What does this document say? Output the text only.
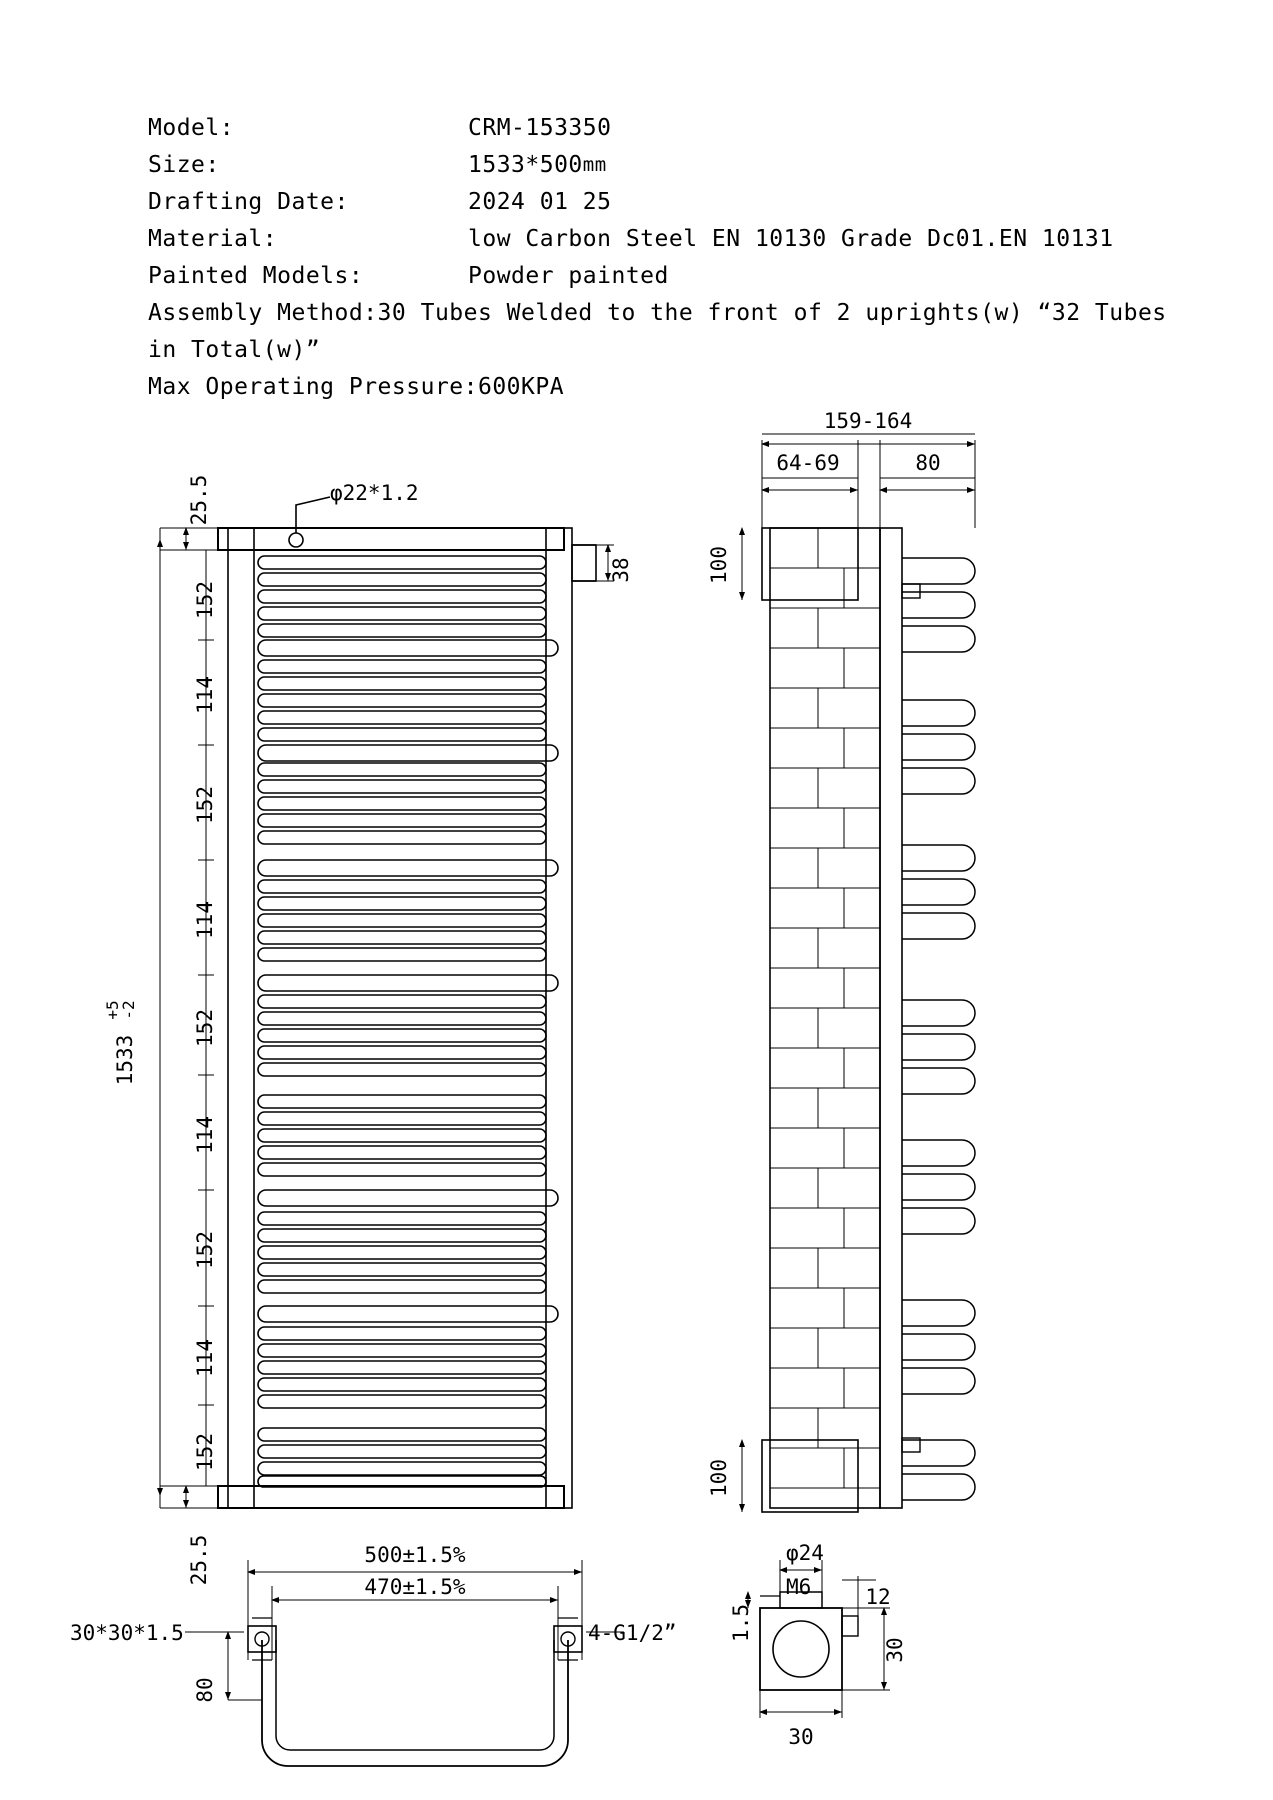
Model:	CRM-153350
Size:	1533*500 mm
Drafting Date:	2024 01 25
Material:	low Carbon Steel EN 10130 Grade Dc01.EN 10131
Painted Models:	Powder painted
Assembly Method:30 Tubes Welded to the front of 2 uprights(w) “32 Tubes in Total(w)”
Max Operating Pressure:600KPA
1533
+5
-2
25.5
25.5
φ22*1.2
38
152
114
152
114
152
114
152
114
152
159-164
64-69	80
100
100
500±1.5%
470±1.5%
30*30*1.5	4-G1/2”
80
φ24
M6
1.5
12
30
30
